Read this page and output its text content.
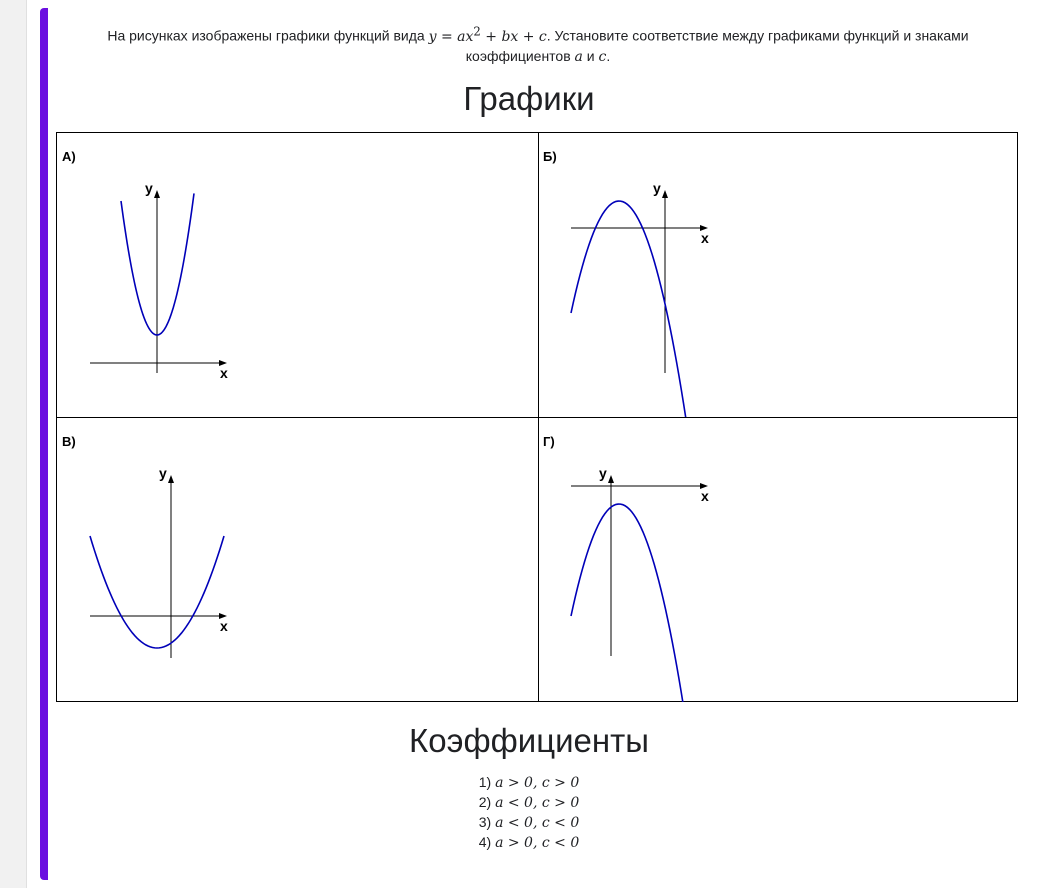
На рисунках изображены графики функций вида $y = ax^2$ + bx + c. Установите соответствие между графиками функций и знаками коэффициентов a и c.
Графики
А)
x
y
Б)
x
y
В)
x
y
Г)
x
y
Коэффициенты
1) a > 0, c > 0
2) a < 0, c > 0
3) a < 0, c < 0
4) a > 0, c < 0
